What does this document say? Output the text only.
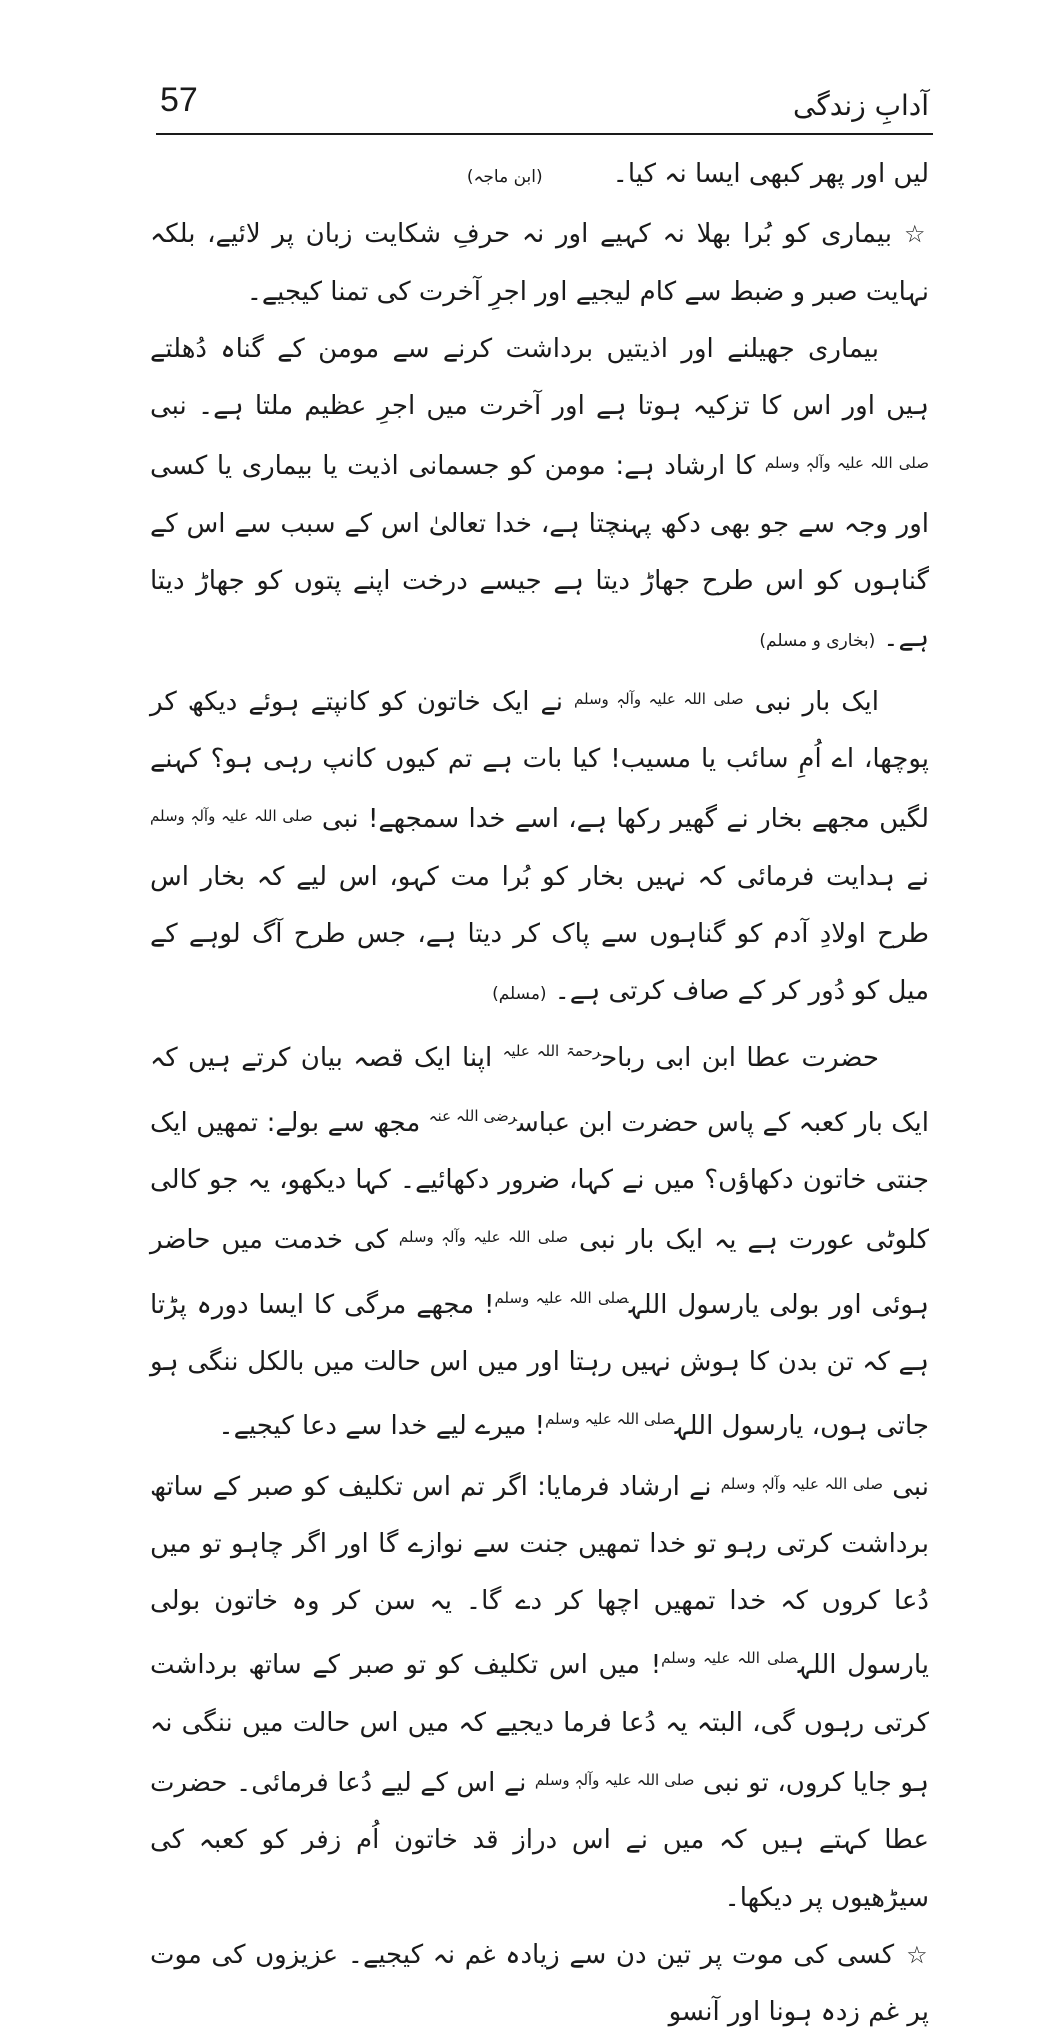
57	آدابِ زندگی

لیں اور پھر کبھی ایسا نہ کیا۔(ابن ماجہ)

☆بیماری کو بُرا بھلا نہ کہیے اور نہ حرفِ شکایت زبان پر لائیے، بلکہ نہایت صبر و ضبط سے کام لیجیے اور اجرِ آخرت کی تمنا کیجیے۔

بیماری جھیلنے اور اذیتیں برداشت کرنے سے مومن کے گناہ دُھلتے ہیں اور اس کا تزکیہ ہوتا ہے اور آخرت میں اجرِ عظیم ملتا ہے۔ نبی $^{صلی اللہ علیہ وآلہٖ وسلم}$ کا ارشاد ہے: مومن کو جسمانی اذیت یا بیماری یا کسی اور وجہ سے جو بھی دکھ پہنچتا ہے، خدا تعالیٰ اس کے سبب سے اس کے گناہوں کو اس طرح جھاڑ دیتا ہے جیسے درخت اپنے پتوں کو جھاڑ دیتا ہے۔(بخاری و مسلم)

ایک بار نبی $^{صلی اللہ علیہ وآلہٖ وسلم}$ نے ایک خاتون کو کانپتے ہوئے دیکھ کر پوچھا، اے اُمِ سائب یا مسیب! کیا بات ہے تم کیوں کانپ رہی ہو؟ کہنے لگیں مجھے بخار نے گھیر رکھا ہے، اسے خدا سمجھے! نبی $^{صلی اللہ علیہ وآلہٖ وسلم}$ نے ہدایت فرمائی کہ نہیں بخار کو بُرا مت کہو، اس لیے کہ بخار اس طرح اولادِ آدم کو گناہوں سے پاک کر دیتا ہے، جس طرح آگ لوہے کے میل کو دُور کر کے صاف کرتی ہے۔(مسلم)

حضرت عطا ابن ابی رباح$^{رحمۃ اللہ علیہ}$ اپنا ایک قصہ بیان کرتے ہیں کہ ایک بار کعبہ کے پاس حضرت ابن عباس$^{رضی اللہ عنہ}$ مجھ سے بولے: تمھیں ایک جنتی خاتون دکھاؤں؟ میں نے کہا، ضرور دکھائیے۔ کہا دیکھو، یہ جو کالی کلوٹی عورت ہے یہ ایک بار نبی $^{صلی اللہ علیہ وآلہٖ وسلم}$ کی خدمت میں حاضر ہوئی اور بولی یارسول اللہ$^{صلی اللہ علیہ وسلم}$! مجھے مرگی کا ایسا دورہ پڑتا ہے کہ تن بدن کا ہوش نہیں رہتا اور میں اس حالت میں بالکل ننگی ہو جاتی ہوں، یارسول اللہ$^{صلی اللہ علیہ وسلم}$! میرے لیے خدا سے دعا کیجیے۔

نبی $^{صلی اللہ علیہ وآلہٖ وسلم}$ نے ارشاد فرمایا: اگر تم اس تکلیف کو صبر کے ساتھ برداشت کرتی رہو تو خدا تمھیں جنت سے نوازے گا اور اگر چاہو تو میں دُعا کروں کہ خدا تمھیں اچھا کر دے گا۔ یہ سن کر وہ خاتون بولی یارسول اللہ$^{صلی اللہ علیہ وسلم}$! میں اس تکلیف کو تو صبر کے ساتھ برداشت کرتی رہوں گی، البتہ یہ دُعا فرما دیجیے کہ میں اس حالت میں ننگی نہ ہو جایا کروں، تو نبی $^{صلی اللہ علیہ وآلہٖ وسلم}$ نے اس کے لیے دُعا فرمائی۔ حضرت عطا کہتے ہیں کہ میں نے اس دراز قد خاتون اُم زفر کو کعبہ کی سیڑھیوں پر دیکھا۔

☆کسی کی موت پر تین دن سے زیادہ غم نہ کیجیے۔ عزیزوں کی موت پر غم زدہ ہونا اور آنسو
